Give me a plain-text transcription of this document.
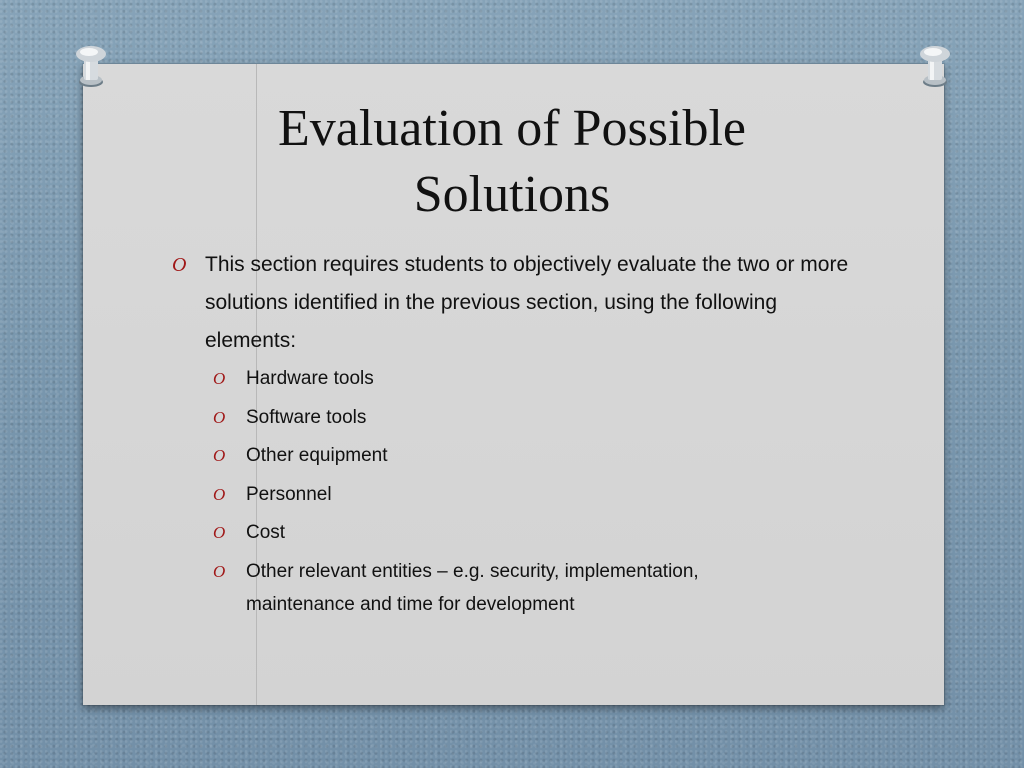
Evaluation of Possible
Solutions
O This section requires students to objectively evaluate the two or more solutions identified in the previous section, using the following elements:
O Hardware tools
O Software tools
O Other equipment
O Personnel
O Cost
O Other relevant entities – e.g. security, implementation, maintenance and time for development
